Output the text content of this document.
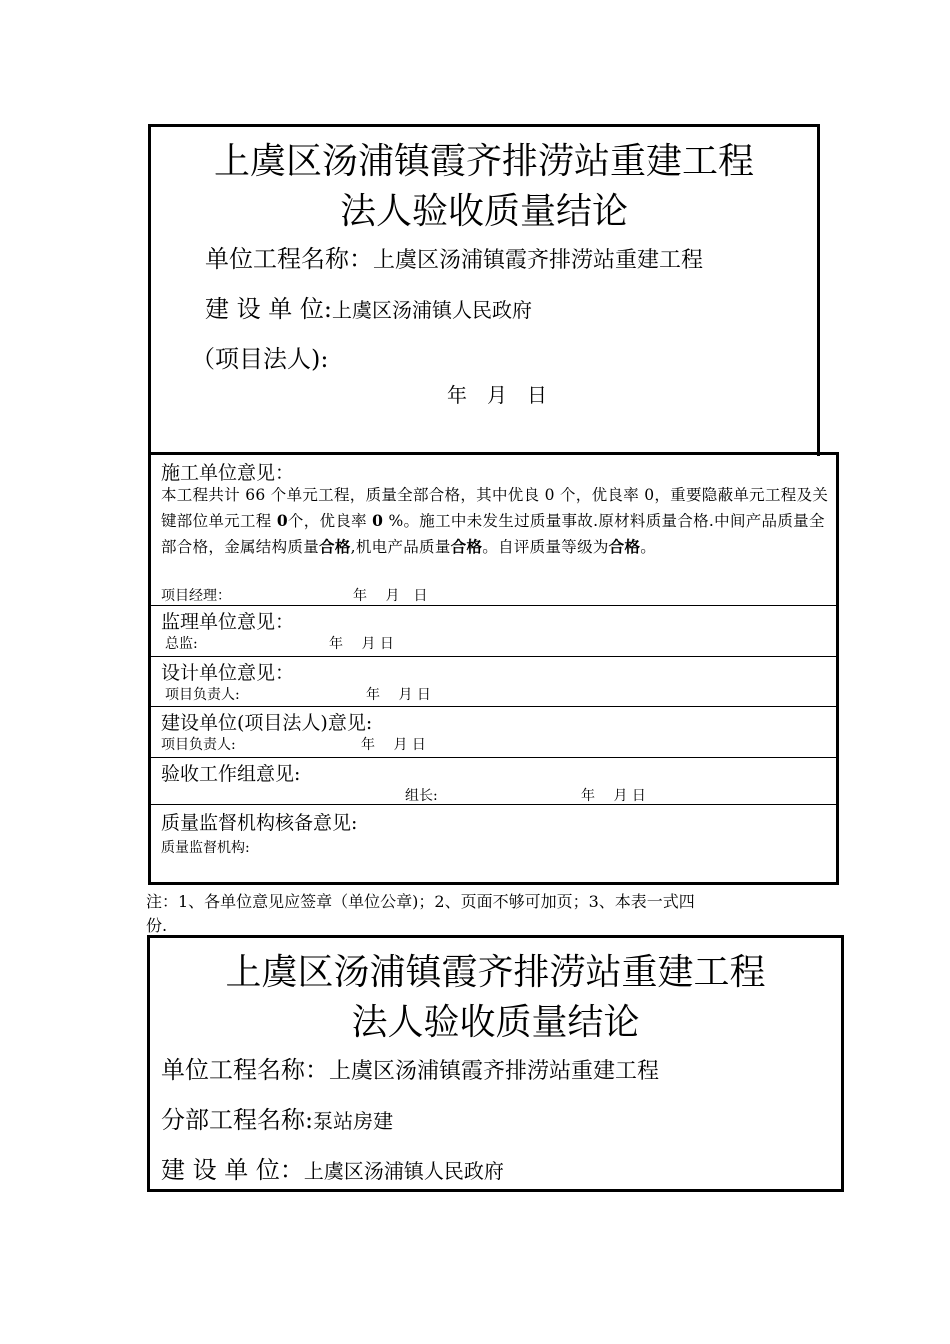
上虞区汤浦镇霞齐排涝站重建工程
法人验收质量结论
单位工程名称：上虞区汤浦镇霞齐排涝站重建工程
建 设 单 位:上虞区汤浦镇人民政府
（项目法人):
年　月　日
施工单位意见：
本工程共计 66 个单元工程，质量全部合格，其中优良 0 个，优良率 0，重要隐蔽单元工程及关键部位单元工程 0个，优良率 0 %。施工中未发生过质量事故.原材料质量合格.中间产品质量全部合格，金属结构质量合格,机电产品质量合格。自评质量等级为合格。
项目经理：	年　 月　日
监理单位意见：
总监:	年　 月 日
设计单位意见：
项目负责人:	年　 月 日
建设单位(项目法人)意见:
项目负责人:	年　 月 日
验收工作组意见:
组长:	年　 月 日
质量监督机构核备意见:
质量监督机构:
注：1、各单位意见应签章（单位公章)；2、页面不够可加页；3、本表一式四
份.
上虞区汤浦镇霞齐排涝站重建工程
法人验收质量结论
单位工程名称：上虞区汤浦镇霞齐排涝站重建工程
分部工程名称:泵站房建
建 设 单 位：上虞区汤浦镇人民政府
